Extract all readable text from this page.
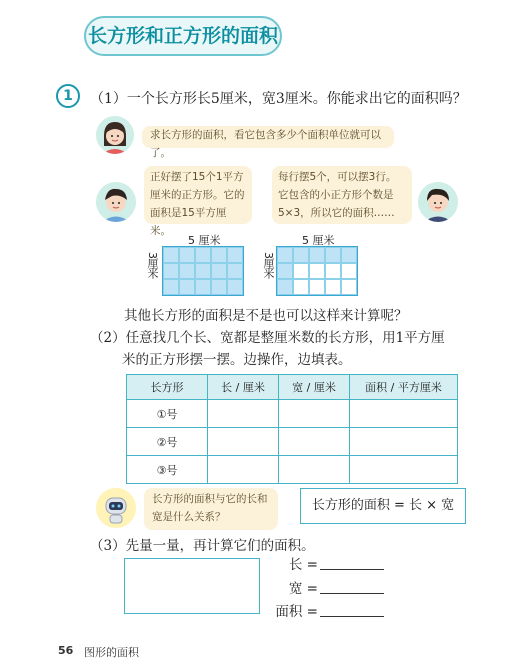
长方形和正方形的面积
1	（1）一个长方形长5厘米，宽3厘米。你能求出它的面积吗？
求长方形的面积，看它包含多少个面积单位就可以了。
正好摆了15个1平方
厘米的正方形。它的
面积是15平方厘米。
每行摆5个，可以摆3行。
它包含的小正方形个数是
5×3，所以它的面积……
5 厘米
3厘米
5 厘米
3厘米
其他长方形的面积是不是也可以这样来计算呢？
（2）任意找几个长、宽都是整厘米数的长方形，用1平方厘
米的正方形摆一摆。边操作，边填表。
长方形	长 / 厘米	宽 / 厘米	面积 / 平方厘米
①号			
②号			
③号			
长方形的面积与它的长和
宽是什么关系？
长方形的面积 = 长 × 宽
（3）先量一量，再计算它们的面积。
长 =
宽 =
面积 =
56 图形的面积
